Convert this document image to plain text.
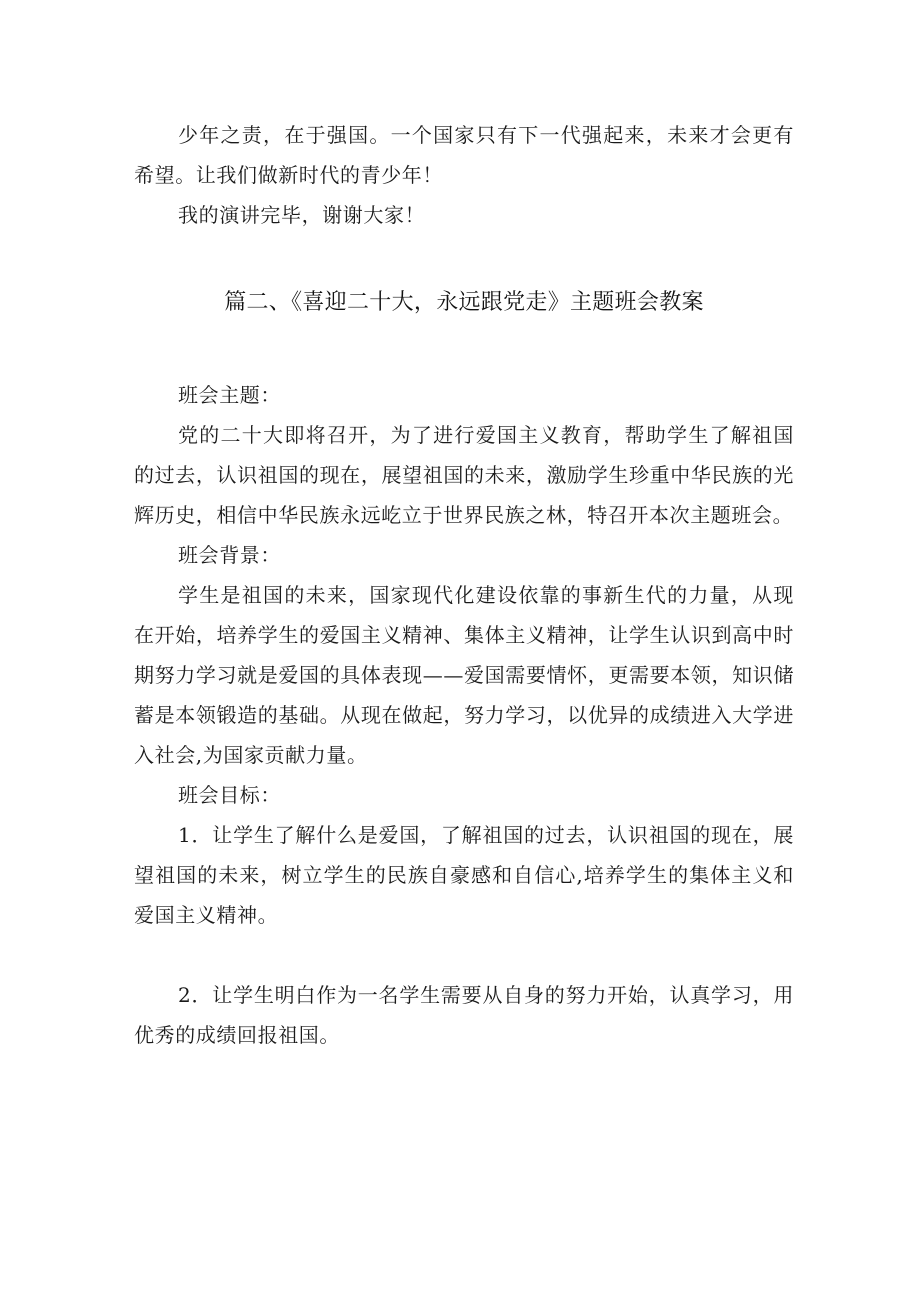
少年之责，在于强国。一个国家只有下一代强起来，未来才会更有希望。让我们做新时代的青少年！

我的演讲完毕，谢谢大家！

篇二、《喜迎二十大，永远跟党走》主题班会教案

班会主题：

党的二十大即将召开，为了进行爱国主义教育，帮助学生了解祖国的过去，认识祖国的现在，展望祖国的未来，激励学生珍重中华民族的光辉历史，相信中华民族永远屹立于世界民族之林，特召开本次主题班会。

班会背景：

学生是祖国的未来，国家现代化建设依靠的事新生代的力量，从现在开始，培养学生的爱国主义精神、集体主义精神，让学生认识到高中时期努力学习就是爱国的具体表现——爱国需要情怀，更需要本领，知识储蓄是本领锻造的基础。从现在做起，努力学习，以优异的成绩进入大学进入社会,为国家贡献力量。

班会目标：

1．让学生了解什么是爱国，了解祖国的过去，认识祖国的现在，展望祖国的未来，树立学生的民族自豪感和自信心,培养学生的集体主义和爱国主义精神。

2．让学生明白作为一名学生需要从自身的努力开始，认真学习，用优秀的成绩回报祖国。
